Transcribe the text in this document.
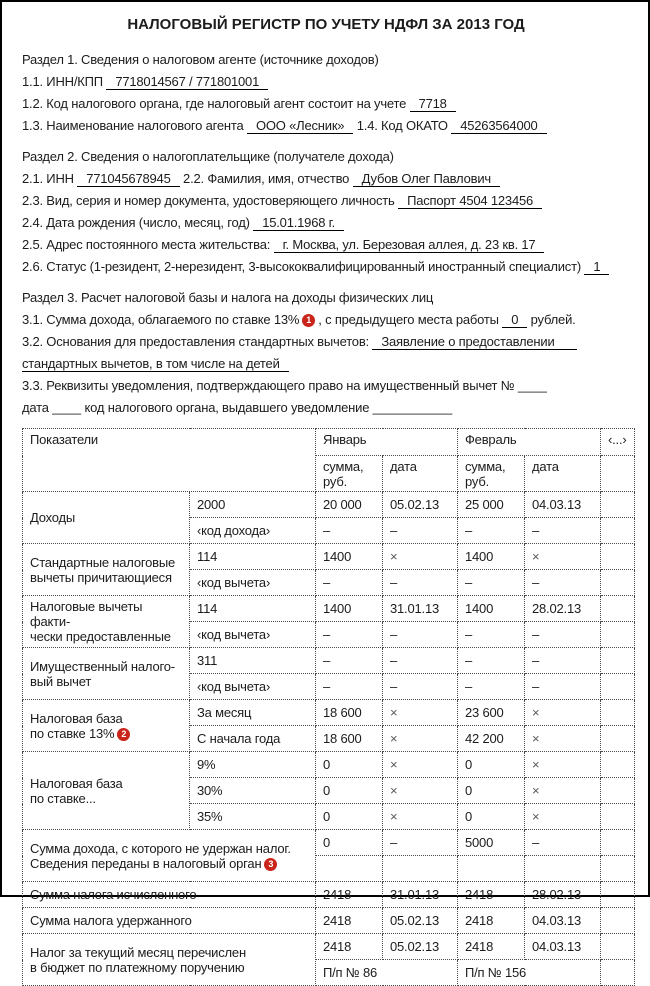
НАЛОГОВЫЙ РЕГИСТР ПО УЧЕТУ НДФЛ ЗА 2013 ГОД

Раздел 1. Сведения о налоговом агенте (источнике доходов)

1.1. ИНН/КПП 7718014567 / 771801001

1.2. Код налогового органа, где налоговый агент состоит на учете 7718

1.3. Наименование налогового агента ООО «Лесник» 1.4. Код ОКАТО 45263564000

Раздел 2. Сведения о налогоплательщике (получателе дохода)

2.1. ИНН 771045678945 2.2. Фамилия, имя, отчество Дубов Олег Павлович

2.3. Вид, серия и номер документа, удостоверяющего личность Паспорт 4504 123456

2.4. Дата рождения (число, месяц, год) 15.01.1968 г.

2.5. Адрес постоянного места жительства: г. Москва, ул. Березовая аллея, д. 23 кв. 17

2.6. Статус (1-резидент, 2-нерезидент, 3-высококвалифицированный иностранный специалист) 1

Раздел 3. Расчет налоговой базы и налога на доходы физических лиц

3.1. Сумма дохода, облагаемого по ставке 13% 1 , с предыдущего места работы 0 рублей.

3.2. Основания для предоставления стандартных вычетов: Заявление о предоставлении

стандартных вычетов, в том числе на детей

3.3. Реквизиты уведомления, подтверждающего право на имущественный вычет № ____

дата ____ код налогового органа, выдавшего уведомление ___________

Показатели		Январь		Февраль		‹...›
		сумма, руб.	дата	сумма, руб.	дата	
Доходы	2000	20 000	05.02.13	25 000	04.03.13	
	‹код дохода›	–	–	–	–	
Стандартные налоговые
вычеты причитающиеся	114	1400	×	1400	×	
	‹код вычета›	–	–	–	–	
Налоговые вычеты факти-
чески предоставленные	114	1400	31.01.13	1400	28.02.13	
	‹код вычета›	–	–	–	–	
Имущественный налого-
вый вычет	311	–	–	–	–	
	‹код вычета›	–	–	–	–	
Налоговая база
по ставке 13% 2	За месяц	18 600	×	23 600	×	
	С начала года	18 600	×	42 200	×	
Налоговая база
по ставке...	9%	0	×	0	×	
	30%	0	×	0	×	
	35%	0	×	0	×	
Сумма дохода, с которого не удержан налог.
Сведения переданы в налоговый орган 3		0	–	5000	–	

Сумма налога исчисленного		2418	31.01.13	2418	28.02.13	
Сумма налога удержанного		2418	05.02.13	2418	04.03.13	
Налог за текущий месяц перечислен
в бюджет по платежному поручению		2418	05.02.13	2418	04.03.13	
		П/п № 86		П/п № 156		
